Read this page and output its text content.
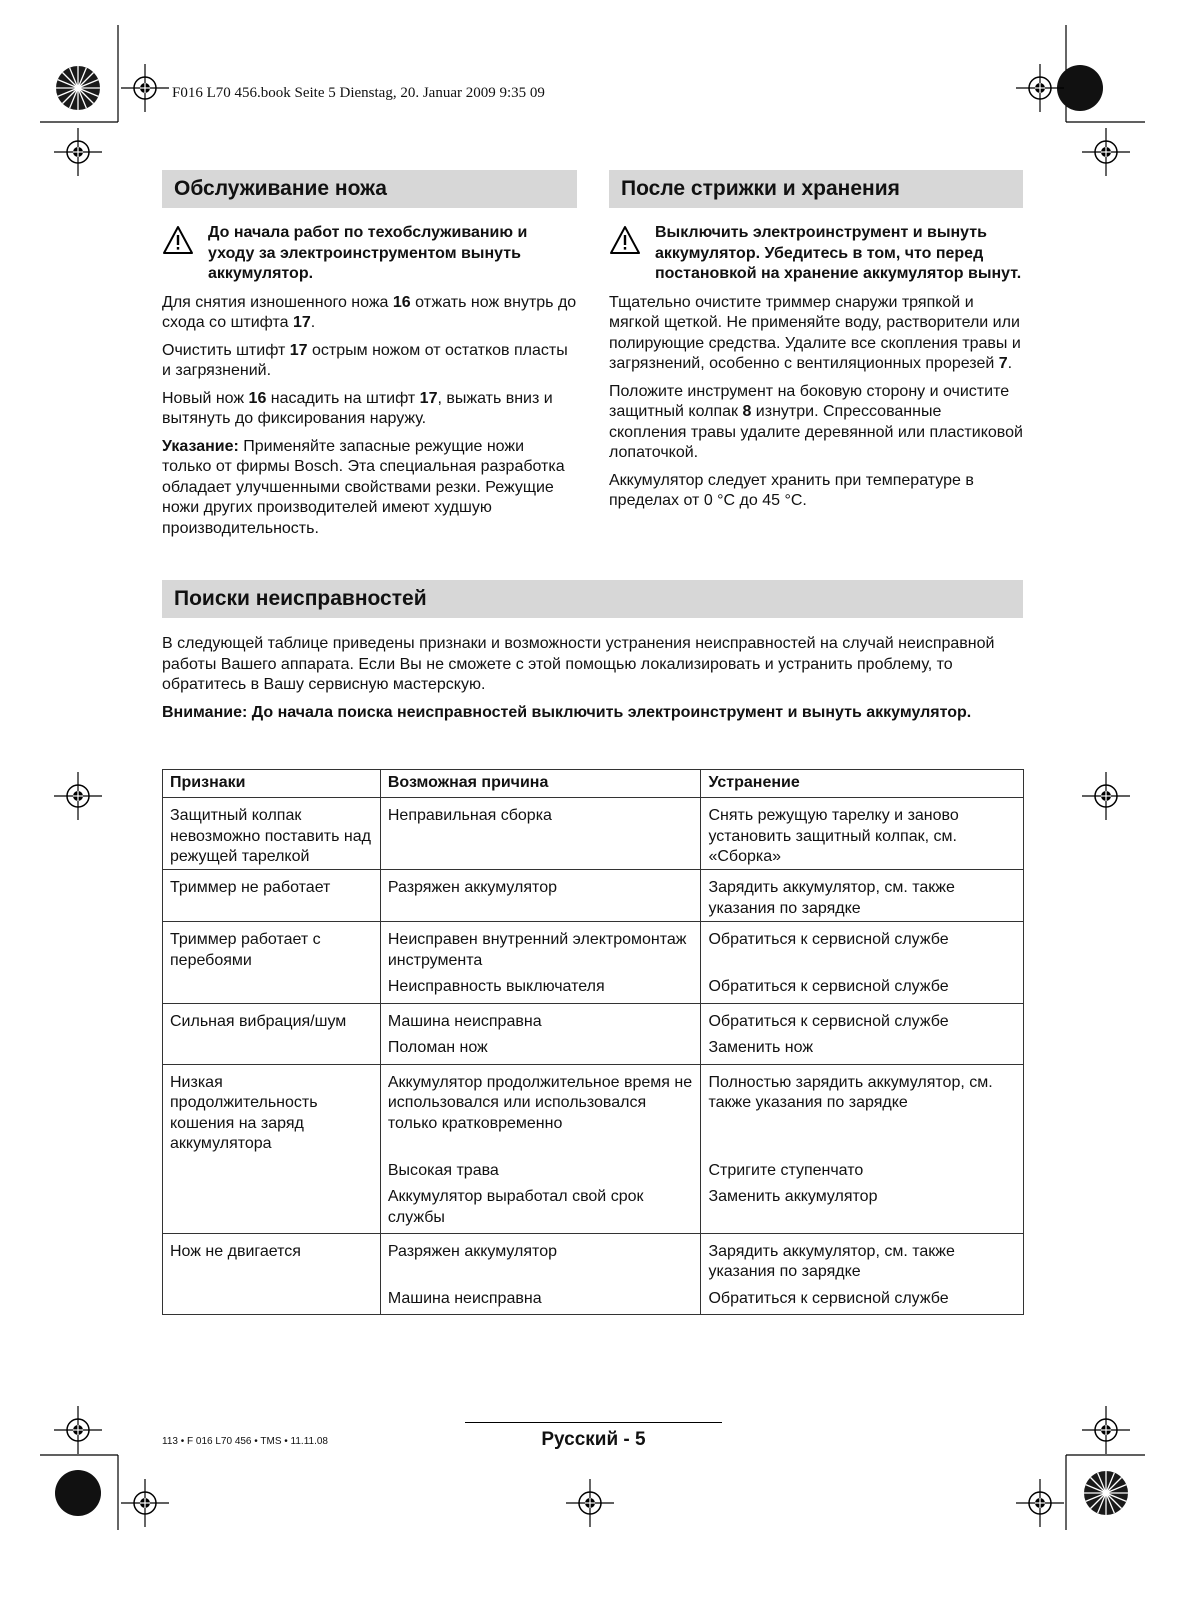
F016 L70 456.book Seite 5 Dienstag, 20. Januar 2009 9:35 09
Обслуживание ножа
До начала работ по техобслуживанию и уходу за электроинструментом вынуть аккумулятор.

Для снятия изношенного ножа 16 отжать нож внутрь до схода со штифта 17.

Очистить штифт 17 острым ножом от остатков пласты и загрязнений.

Новый нож 16 насадить на штифт 17, выжать вниз и вытянуть до фиксирования наружу.

Указание: Применяйте запасные режущие ножи только от фирмы Bosch. Эта специальная разработка обладает улучшенными свойствами резки. Режущие ножи других производителей имеют худшую производительность.

После стрижки и хранения
Выключить электроинструмент и вынуть аккумулятор. Убедитесь в том, что перед постановкой на хранение аккумулятор вынут.

Тщательно очистите триммер снаружи тряпкой и мягкой щеткой. Не применяйте воду, растворители или полирующие средства. Удалите все скопления травы и загрязнений, особенно с вентиляционных прорезей 7.

Положите инструмент на боковую сторону и очистите защитный колпак 8 изнутри. Спрессованные скопления травы удалите деревянной или пластиковой лопаточкой.

Аккумулятор следует хранить при температуре в пределах от 0 °C до 45 °C.

Поиски неисправностей

В следующей таблице приведены признаки и возможности устранения неисправностей на случай неисправной работы Вашего аппарата. Если Вы не сможете с этой помощью локализировать и устранить проблему, то обратитесь в Вашу сервисную мастерскую.

Внимание: До начала поиска неисправностей выключить электроинструмент и вынуть аккумулятор.

Признаки	Возможная причина	Устранение
Защитный колпак невозможно поставить над режущей тарелкой	Неправильная сборка	Снять режущую тарелку и заново установить защитный колпак, см. «Сборка»
Триммер не работает	Разряжен аккумулятор	Зарядить аккумулятор, см. также указания по зарядке
Триммер работает с перебоями	Неисправен внутренний электромонтаж инструмента	Обратиться к сервисной службе
	Неисправность выключателя	Обратиться к сервисной службе
Сильная вибрация/шум	Машина неисправна	Обратиться к сервисной службе
	Поломан нож	Заменить нож
Низкая продолжительность кошения на заряд аккумулятора	Аккумулятор продолжительное время не использовался или использовался только кратковременно	Полностью зарядить аккумулятор, см. также указания по зарядке
	Высокая трава	Стригите ступенчато
	Аккумулятор выработал свой срок службы	Заменить аккумулятор
Нож не двигается	Разряжен аккумулятор	Зарядить аккумулятор, см. также указания по зарядке
	Машина неисправна	Обратиться к сервисной службе
113 • F 016 L70 456 • TMS • 11.11.08	Русский - 5
